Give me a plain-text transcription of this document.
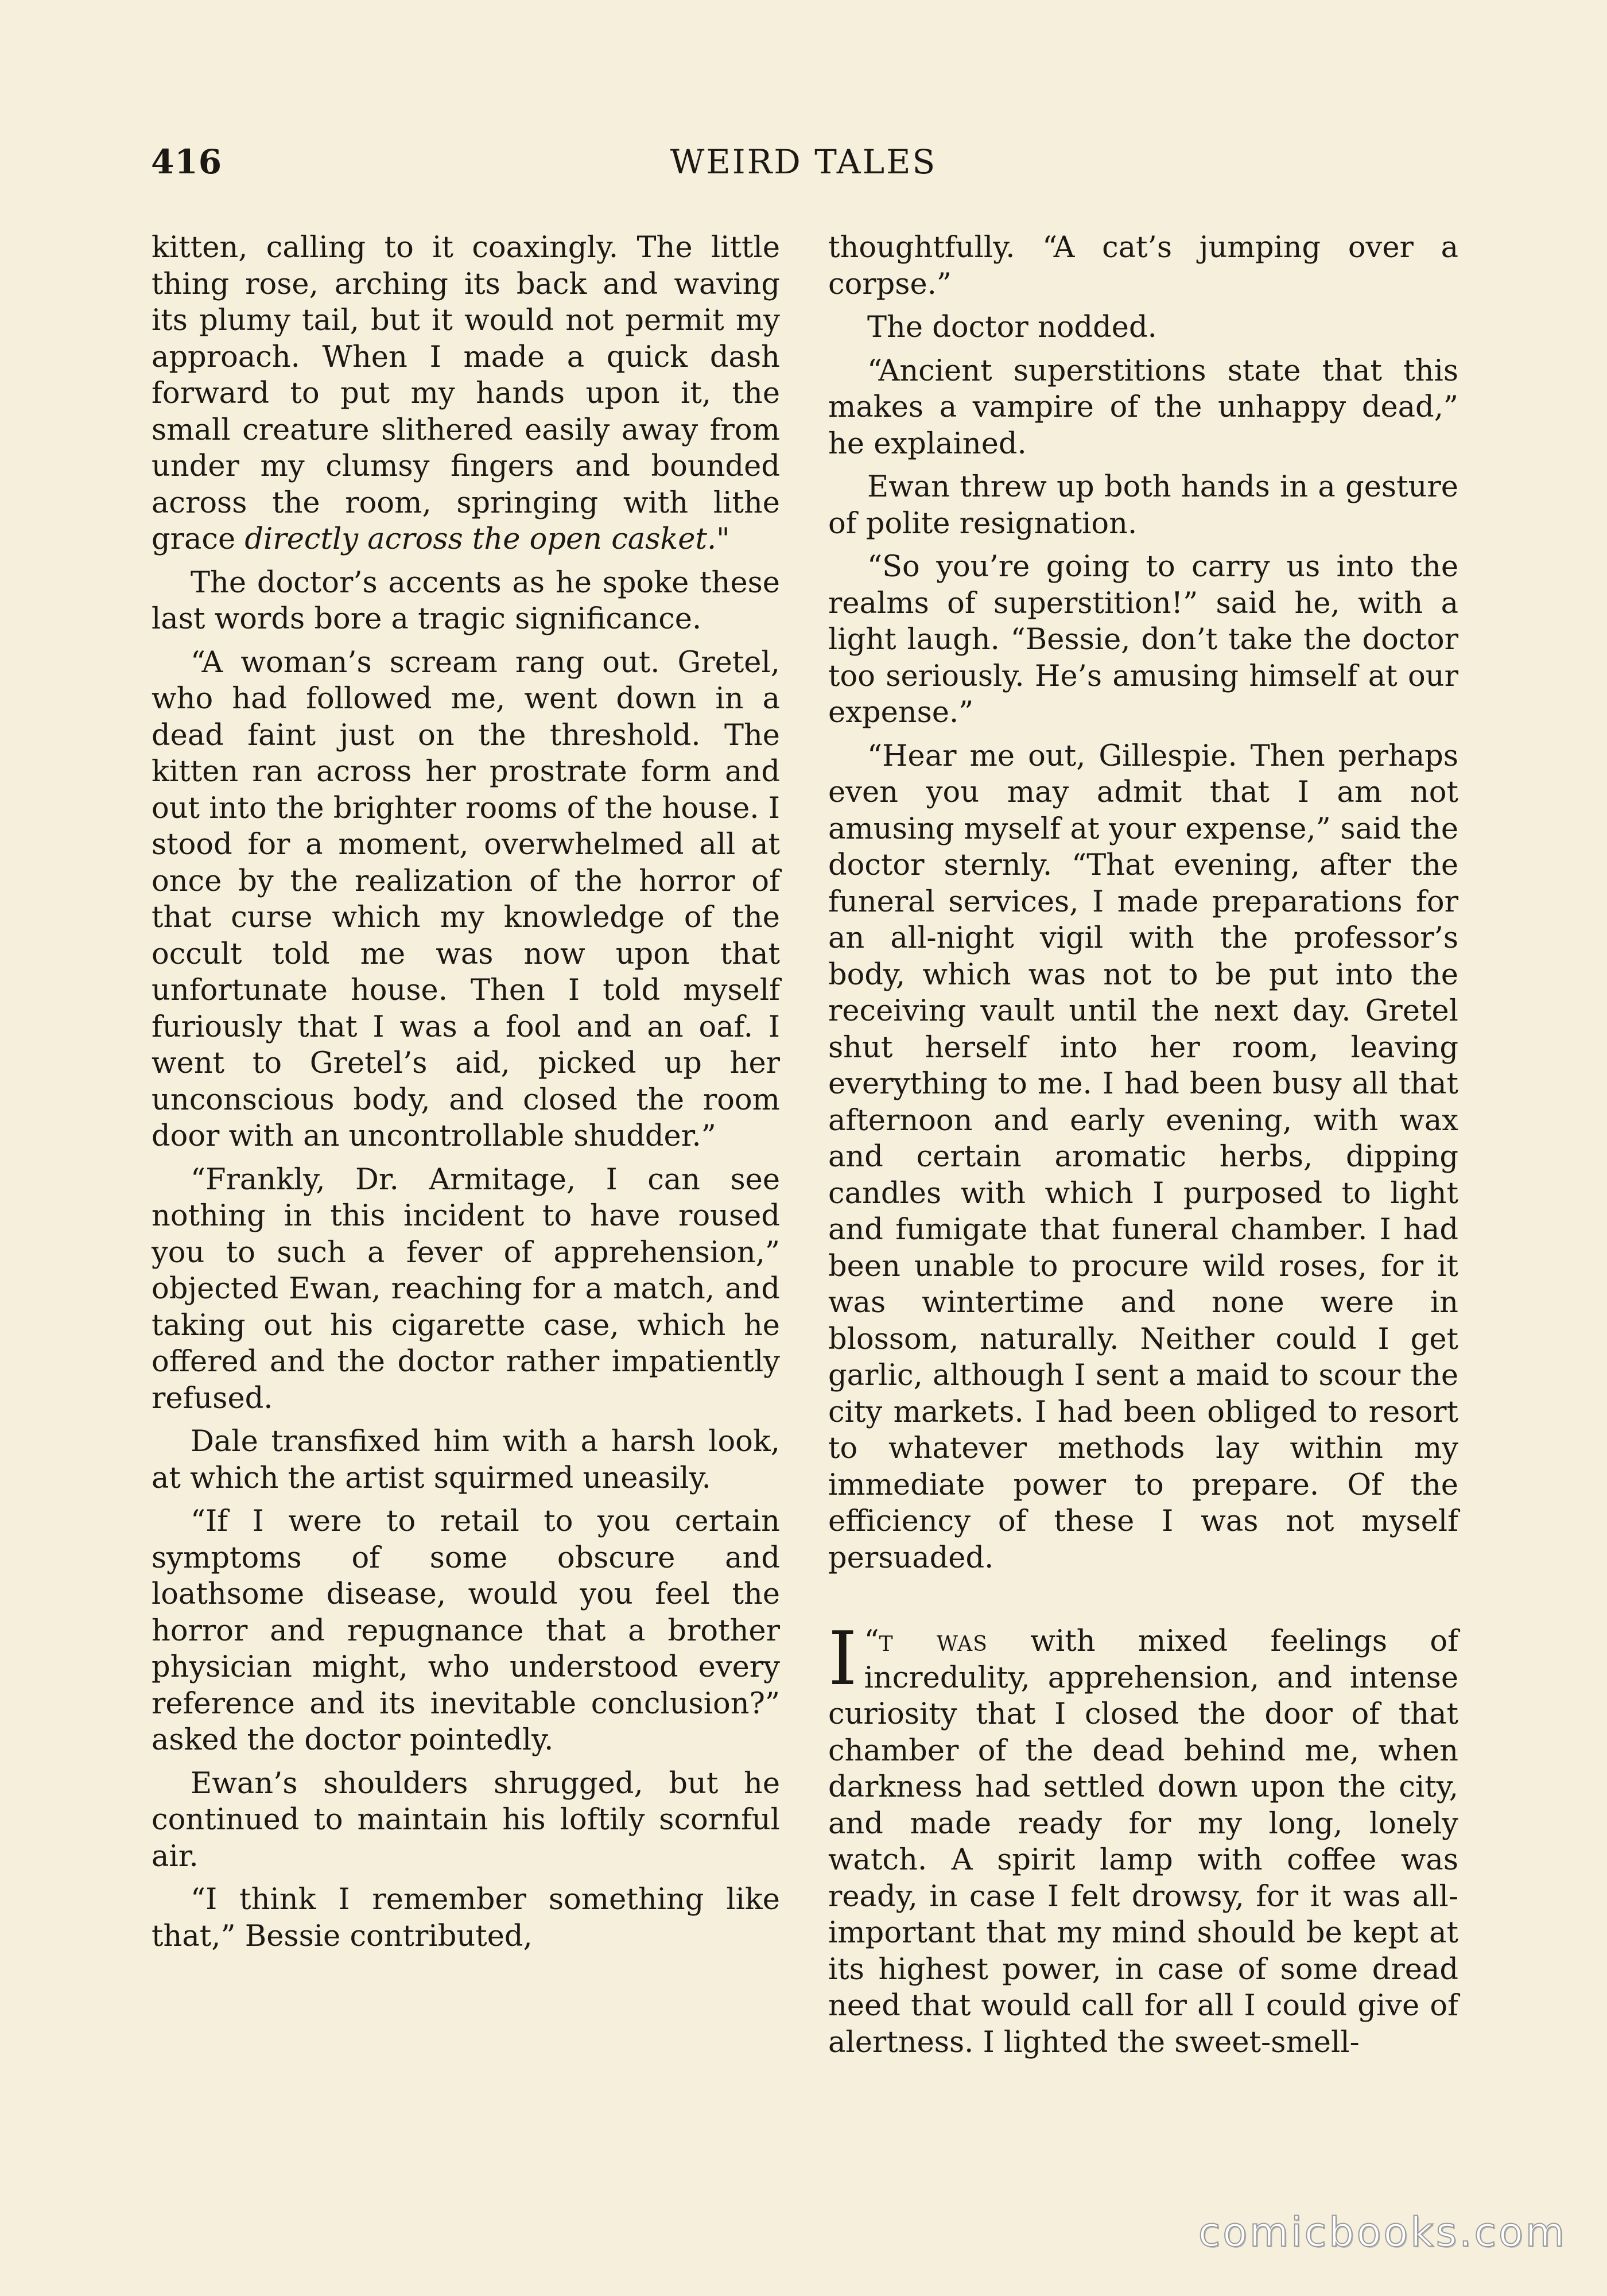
416	WEIRD TALES

kitten, calling to it coaxingly. The little thing rose, arching its back and waving its plumy tail, but it would not permit my approach. When I made a quick dash forward to put my hands upon it, the small creature slithered easily away from under my clumsy fingers and bounded across the room, springing with lithe grace directly across the open casket."

The doctor’s accents as he spoke these last words bore a tragic significance.

“A woman’s scream rang out. Gretel, who had followed me, went down in a dead faint just on the threshold. The kitten ran across her prostrate form and out into the brighter rooms of the house. I stood for a moment, overwhelmed all at once by the realization of the horror of that curse which my knowledge of the occult told me was now upon that unfortunate house. Then I told myself furiously that I was a fool and an oaf. I went to Gretel’s aid, picked up her unconscious body, and closed the room door with an uncontrollable shudder.”

“Frankly, Dr. Armitage, I can see nothing in this incident to have roused you to such a fever of apprehension,” objected Ewan, reaching for a match, and taking out his cigarette case, which he offered and the doctor rather impatiently refused.

Dale transfixed him with a harsh look, at which the artist squirmed uneasily.

“If I were to retail to you certain symptoms of some obscure and loathsome disease, would you feel the horror and repugnance that a brother physician might, who understood every reference and its inevitable conclusion?” asked the doctor pointedly.

Ewan’s shoulders shrugged, but he continued to maintain his loftily scornful air.

“I think I remember something like that,” Bessie contributed,

thoughtfully. “A cat’s jumping over a corpse.”

The doctor nodded.

“Ancient superstitions state that this makes a vampire of the unhappy dead,” he explained.

Ewan threw up both hands in a gesture of polite resignation.

“So you’re going to carry us into the realms of superstition!” said he, with a light laugh. “Bessie, don’t take the doctor too seriously. He’s amusing himself at our expense.”

“Hear me out, Gillespie. Then perhaps even you may admit that I am not amusing myself at your expense,” said the doctor sternly. “That evening, after the funeral services, I made preparations for an all-night vigil with the professor’s body, which was not to be put into the receiving vault until the next day. Gretel shut herself into her room, leaving everything to me. I had been busy all that afternoon and early evening, with wax and certain aromatic herbs, dipping candles with which I purposed to light and fumigate that funeral chamber. I had been unable to procure wild roses, for it was wintertime and none were in blossom, naturally. Neither could I get garlic, although I sent a maid to scour the city markets. I had been obliged to resort to whatever methods lay within my immediate power to prepare. Of the efficiency of these I was not myself persuaded.

“
I t was with mixed feelings of incredulity, apprehension, and intense curiosity that I closed the door of that chamber of the dead behind me, when darkness had settled down upon the city, and made ready for my long, lonely watch. A spirit lamp with coffee was ready, in case I felt drowsy, for it was all-important that my mind should be kept at its highest power, in case of some dread need that would call for all I could give of alertness. I lighted the sweet-smell-

comicbooks.com
